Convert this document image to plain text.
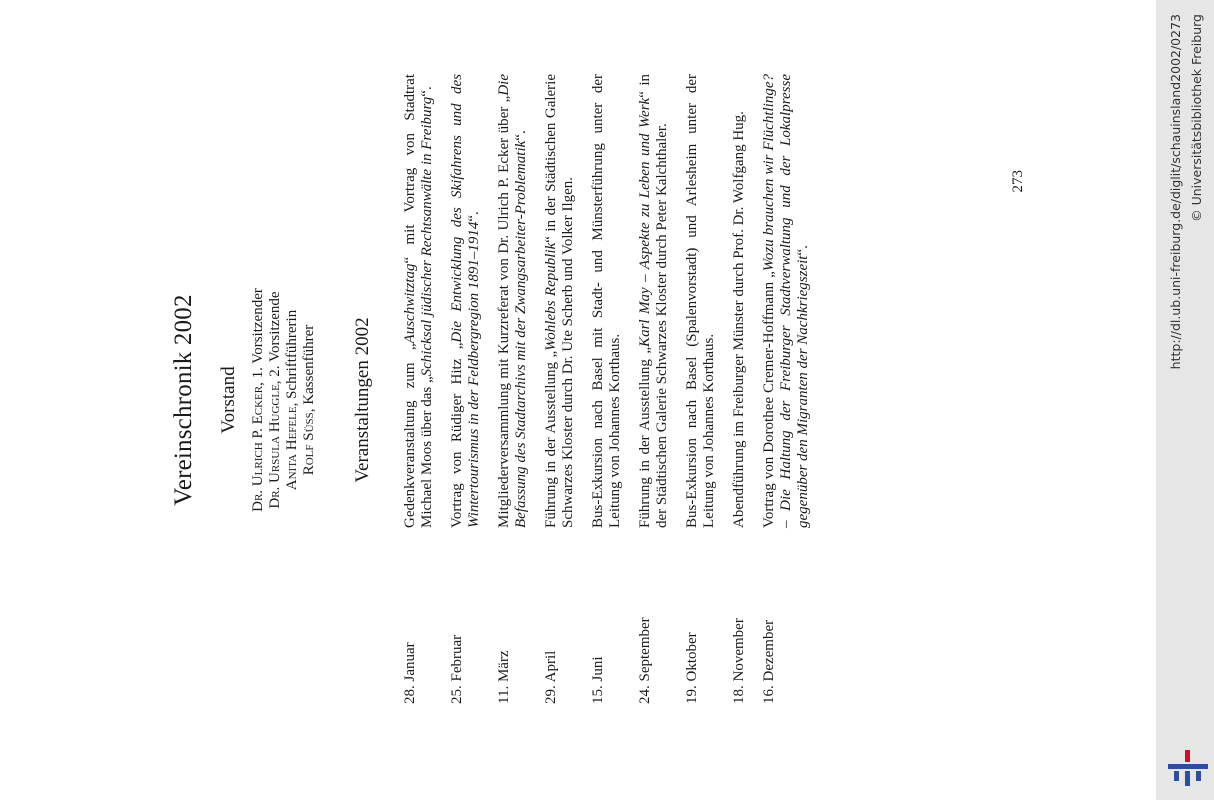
Vereinschronik 2002 Vorstand Dr. Ulrich P. Ecker, 1. Vorsitzender
Dr. Ursula Huggle, 2. Vorsitzende
Anita Hefele, Schriftführerin
Rolf Süss, Kassenführer Veranstaltungen 2002
28. Januar
Gedenkveranstaltung zum „Auschwitztag“ mit Vortrag von Stadtrat Michael Moos über das „Schicksal jüdischer Rechtsanwälte in Freiburg“.
25. Februar
Vortrag von Rüdiger Hitz „Die Entwicklung des Skifahrens und des Wintertourismus in der Feldbergregion 1891–1914“.
11. März
Mitgliederversammlung mit Kurzreferat von Dr. Ulrich P. Ecker über „Die Befassung des Stadtarchivs mit der Zwangsarbeiter-Problematik“.
29. April
Führung in der Ausstellung „Wohlebs Republik“ in der Städtischen Galerie Schwarzes Kloster durch Dr. Ute Scherb und Volker Ilgen.
15. Juni
Bus-Exkursion nach Basel mit Stadt- und Münsterführung unter der Leitung von Johannes Korthaus.
24. September
Führung in der Ausstellung „Karl May – Aspekte zu Leben und Werk“ in der Städtischen Galerie Schwarzes Kloster durch Peter Kalchthaler.
19. Oktober
Bus-Exkursion nach Basel (Spalenvorstadt) und Arlesheim unter der Leitung von Johannes Korthaus.
18. November
Abendführung im Freiburger Münster durch Prof. Dr. Wolfgang Hug.
16. Dezember
Vortrag von Dorothee Cremer-Hoffmann „Wozu brauchen wir Flüchtlinge? – Die Haltung der Freiburger Stadtverwaltung und der Lokalpresse gegenüber den Migranten der Nachkriegszeit“.
273	http://dl.ub.uni-freiburg.de/diglit/schauinsland2002/0273 © Universitätsbibliothek Freiburg
